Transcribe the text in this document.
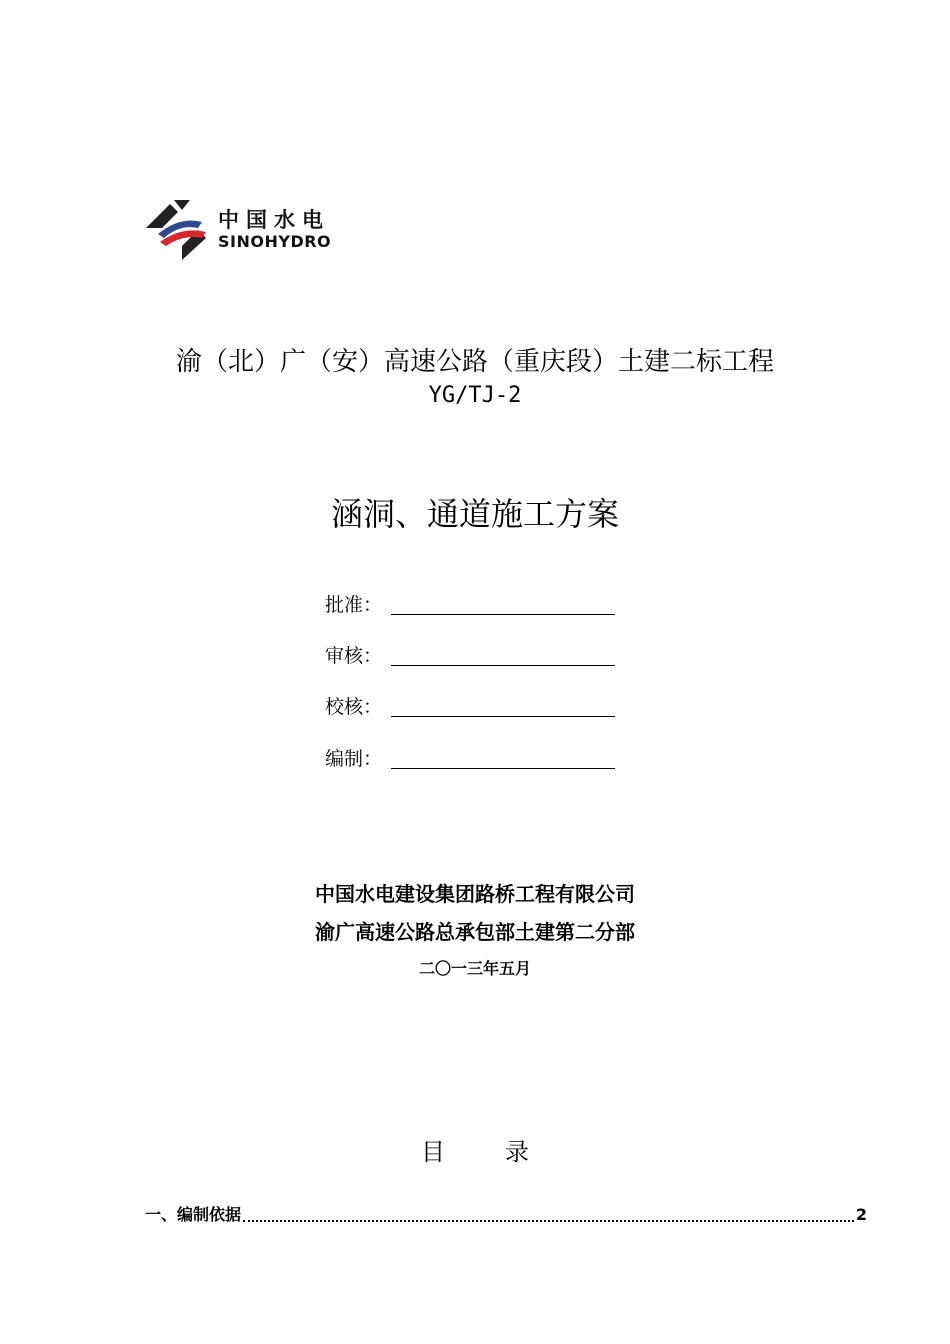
中国水电
SINOHYDRO
渝（北）广（安）高速公路（重庆段）土建二标工程
YG/TJ-2
涵洞、通道施工方案
批准：
审核：
校核：
编制：
中国水电建设集团路桥工程有限公司
渝广高速公路总承包部土建第二分部
二〇一三年五月
目	录
一、编制依据	2
